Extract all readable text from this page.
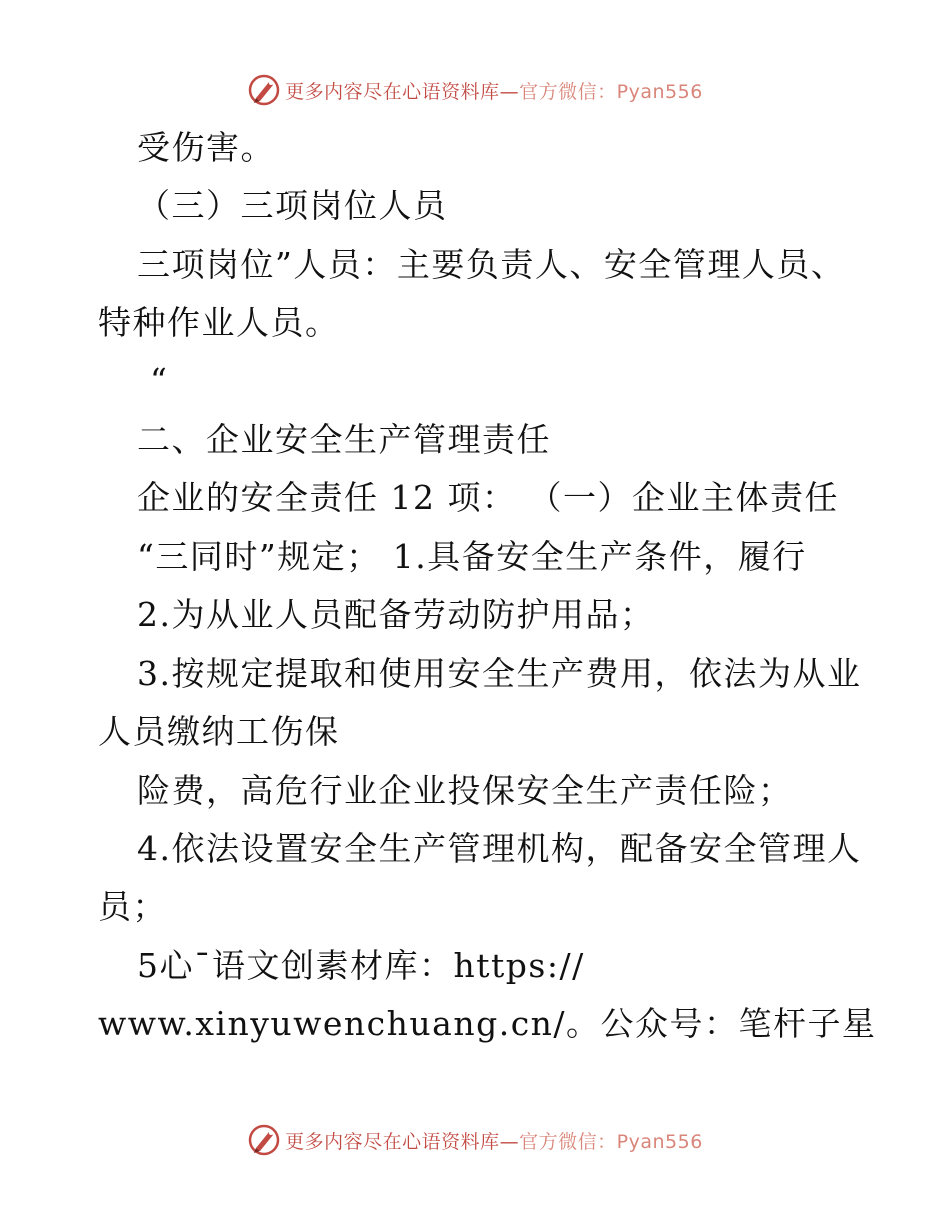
更多内容尽在心语资料库—官方微信：Pyan556
受伤害。
（三）三项岗位人员
三项岗位”人员：主要负责人、安全管理人员、
特种作业人员。
“
二、企业安全生产管理责任
企业的安全责任 12 项： （一）企业主体责任
“三同时”规定； 1.具备安全生产条件，履行
2.为从业人员配备劳动防护用品；
3.按规定提取和使用安全生产费用，依法为从业
人员缴纳工伤保
险费，高危行业企业投保安全生产责任险；
4.依法设置安全生产管理机构，配备安全管理人
员；
5心¯语文创素材库：https://
www.xinyuwenchuang.cn/。公众号：笔杆子星
更多内容尽在心语资料库—官方微信：Pyan556
